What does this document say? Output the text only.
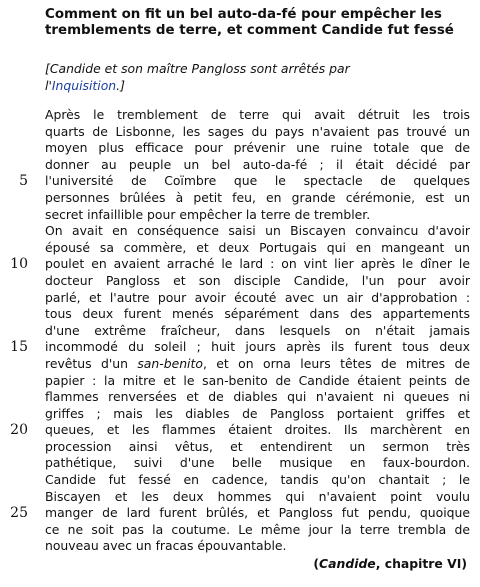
Comment on fit un bel auto-da-fé pour empêcher les
tremblements de terre, et comment Candide fut fessé
[Candide et son maître Pangloss sont arrêtés par
l'Inquisition.]
5
10
15
20
25
Après le tremblement de terre qui avait détruit les trois
quarts de Lisbonne, les sages du pays n'avaient pas trouvé un
moyen plus efficace pour prévenir une ruine totale que de
donner au peuple un bel auto-da-fé ; il était décidé par
l'université de Coïmbre que le spectacle de quelques
personnes brûlées à petit feu, en grande cérémonie, est un
secret infaillible pour empêcher la terre de trembler.
On avait en conséquence saisi un Biscayen convaincu d'avoir
épousé sa commère, et deux Portugais qui en mangeant un
poulet en avaient arraché le lard : on vint lier après le dîner le
docteur Pangloss et son disciple Candide, l'un pour avoir
parlé, et l'autre pour avoir écouté avec un air d'approbation :
tous deux furent menés séparément dans des appartements
d'une extrême fraîcheur, dans lesquels on n'était jamais
incommodé du soleil ; huit jours après ils furent tous deux
revêtus d'un san-benito, et on orna leurs têtes de mitres de
papier : la mitre et le san-benito de Candide étaient peints de
flammes renversées et de diables qui n'avaient ni queues ni
griffes ; mais les diables de Pangloss portaient griffes et
queues, et les flammes étaient droites. Ils marchèrent en
procession ainsi vêtus, et entendirent un sermon très
pathétique, suivi d'une belle musique en faux-bourdon.
Candide fut fessé en cadence, tandis qu'on chantait ; le
Biscayen et les deux hommes qui n'avaient point voulu
manger de lard furent brûlés, et Pangloss fut pendu, quoique
ce ne soit pas la coutume. Le même jour la terre trembla de
nouveau avec un fracas épouvantable.
(Candide, chapitre VI)
